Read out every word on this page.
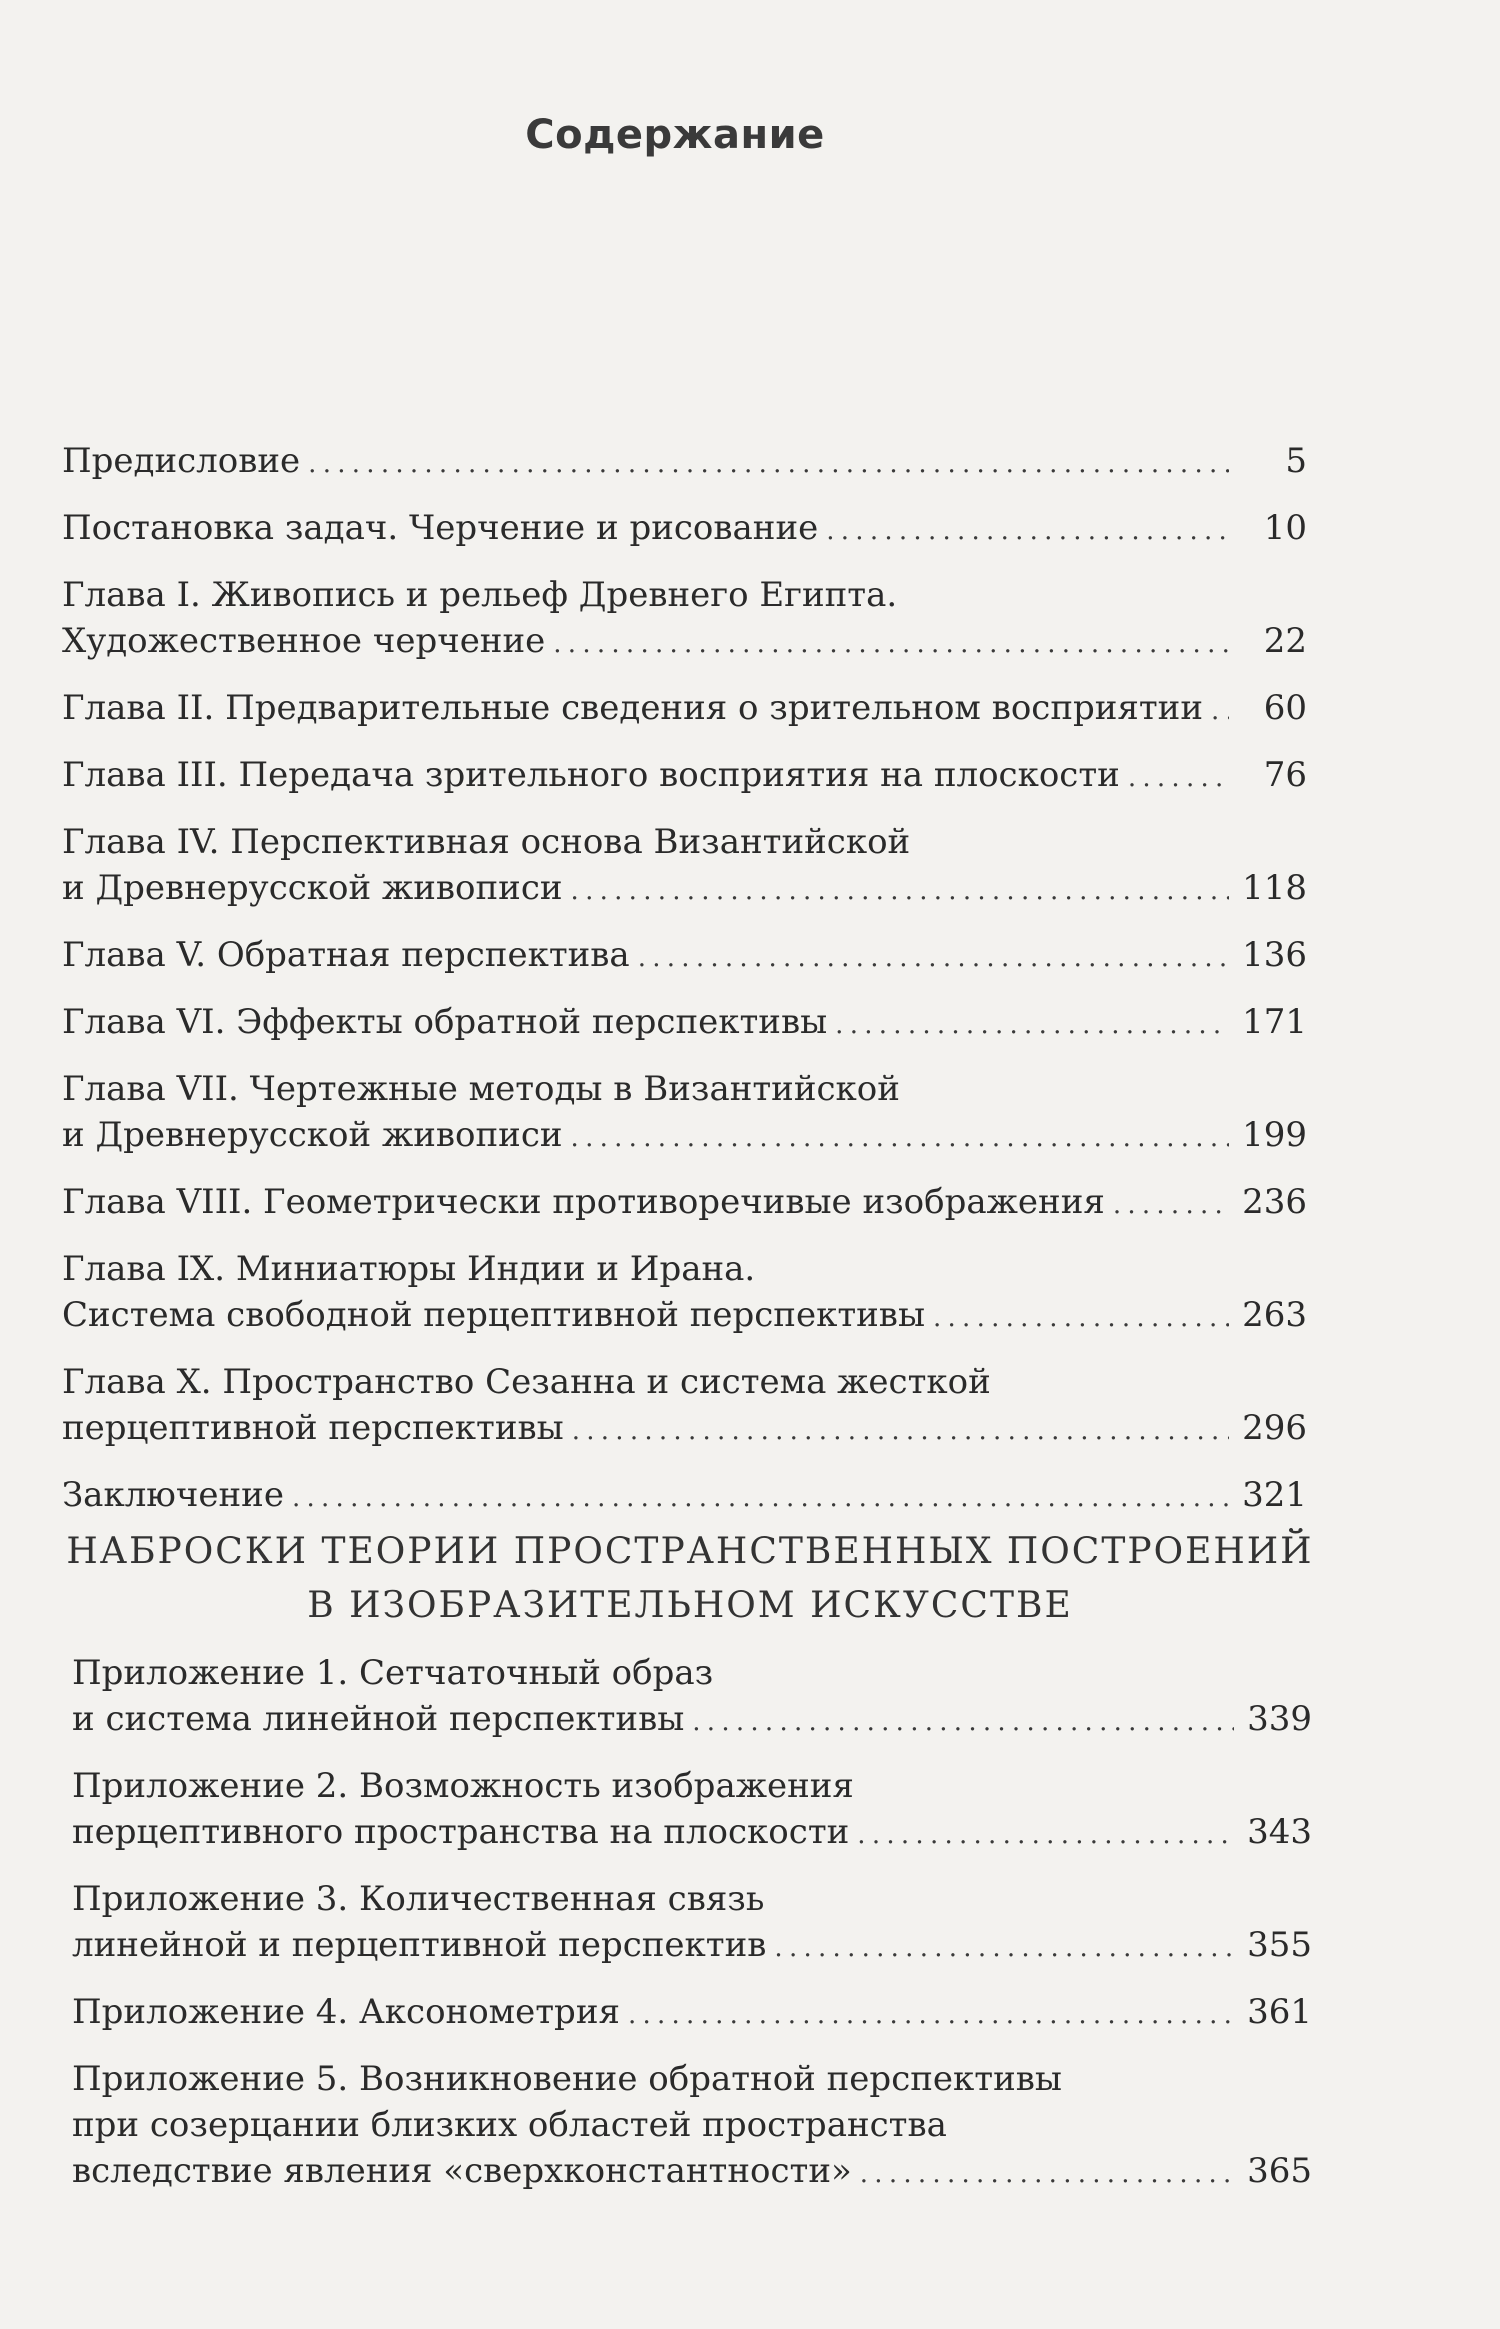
Содержание
Предисловие . . .	5
Постановка задач. Черчение и рисование . . .	10
Глава I. Живопись и рельеф Древнего Египта.
Художественное черчение . . .	22
Глава II. Предварительные сведения о зрительном восприятии . . .	60
Глава III. Передача зрительного восприятия на плоскости . . .	76
Глава IV. Перспективная основа Византийской
и Древнерусской живописи . . .	118
Глава V. Обратная перспектива . . .	136
Глава VI. Эффекты обратной перспективы . . .	171
Глава VII. Чертежные методы в Византийской
и Древнерусской живописи . . .	199
Глава VIII. Геометрически противоречивые изображения . . .	236
Глава IX. Миниатюры Индии и Ирана.
Система свободной перцептивной перспективы . . .	263
Глава X. Пространство Сезанна и система жесткой
перцептивной перспективы . . .	296
Заключение . . .	321
НАБРОСКИ ТЕОРИИ ПРОСТРАНСТВЕННЫХ ПОСТРОЕНИЙ
В ИЗОБРАЗИТЕЛЬНОМ ИСКУССТВЕ
Приложение 1. Сетчаточный образ
и система линейной перспективы . . .	339
Приложение 2. Возможность изображения
перцептивного пространства на плоскости . . .	343
Приложение 3. Количественная связь
линейной и перцептивной перспектив . . .	355
Приложение 4. Аксонометрия . . .	361
Приложение 5. Возникновение обратной перспективы
при созерцании близких областей пространства
вследствие явления «сверхконстантности» . . .	365
